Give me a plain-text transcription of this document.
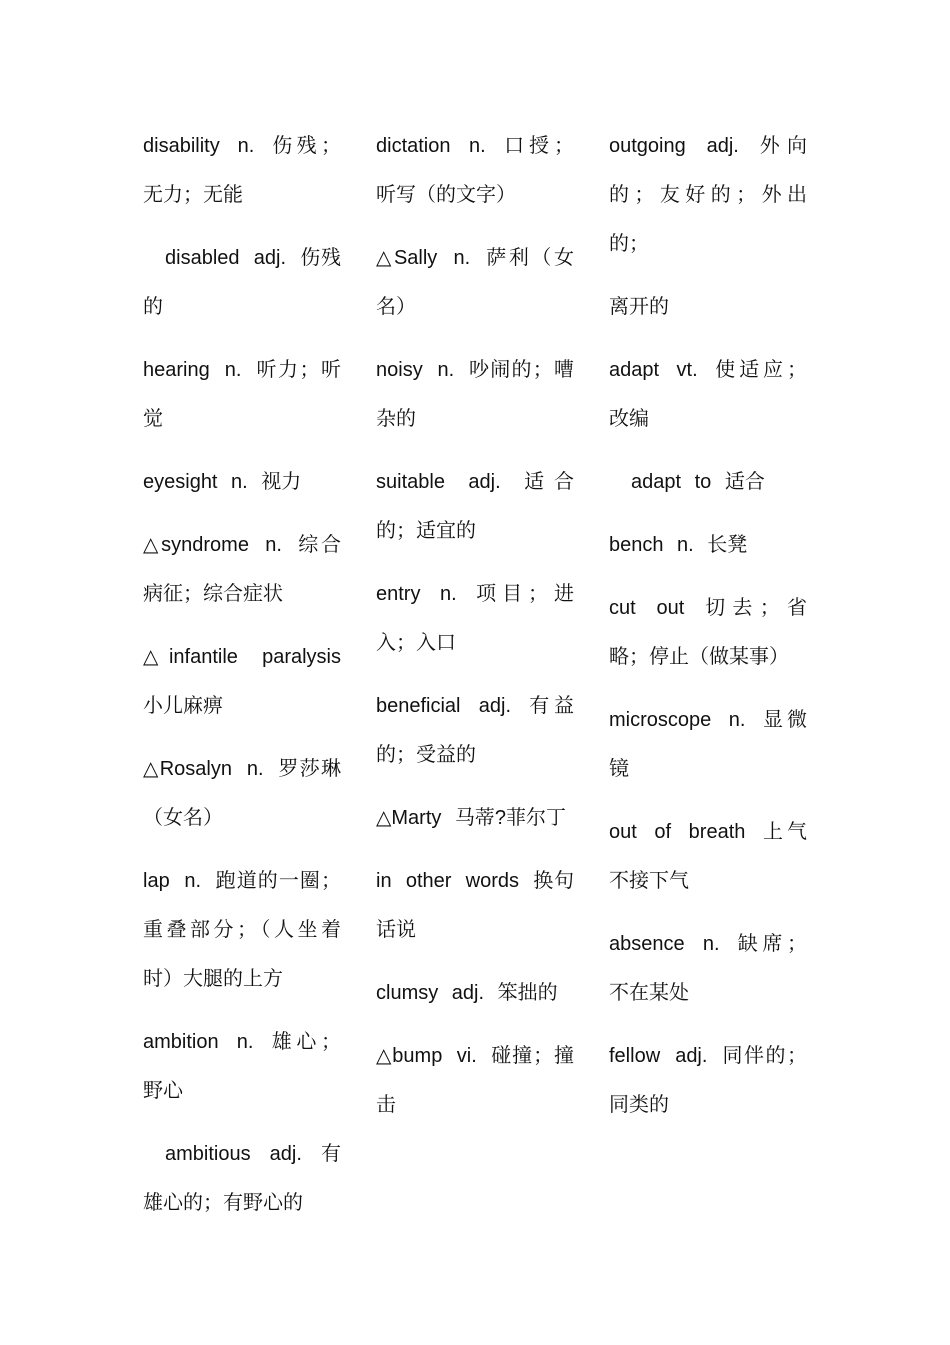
disability n. 伤残；无力；无能

disabled adj. 伤残的

hearing n. 听力；听觉

eyesight n. 视力

△syndrome n. 综合病征；综合症状

△infantile paralysis 小儿麻痹

△Rosalyn n. 罗莎琳（女名）

lap n. 跑道的一圈；重叠部分；（人坐着时）大腿的上方

ambition n. 雄心；野心

ambitious adj. 有雄心的；有野心的

dictation n. 口授；听写（的文字）

△Sally n. 萨利（女名）

noisy n. 吵闹的；嘈杂的

suitable adj. 适合的；适宜的

entry n. 项目；进入；入口

beneficial adj. 有益的；受益的

△Marty 马蒂?菲尔丁

in other words 换句话说

clumsy adj. 笨拙的

△bump vi. 碰撞；撞击

outgoing adj. 外向的；友好的；外出的；

离开的

adapt vt. 使适应；改编

adapt to 适合

bench n. 长凳

cut out 切去；省略；停止（做某事）

microscope n. 显微镜

out of breath 上气不接下气

absence n. 缺席；不在某处

fellow adj. 同伴的；同类的
